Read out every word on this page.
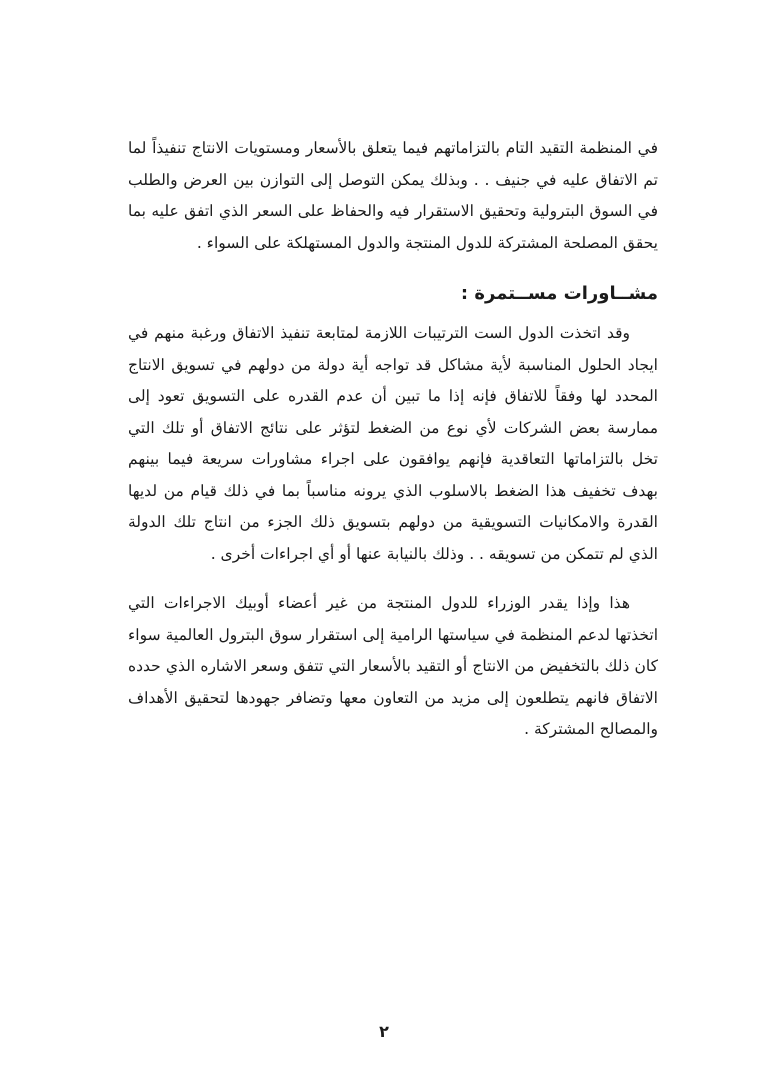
في المنظمة التقيد التام بالتزاماتهم فيما يتعلق بالأسعار ومستويات الانتاج تنفيذاً لما تم الاتفاق عليه في جنيف . . وبذلك يمكن التوصل إلى التوازن بين العرض والطلب في السوق البترولية وتحقيق الاستقرار فيه والحفاظ على السعر الذي اتفق عليه بما يحقق المصلحة المشتركة للدول المنتجة والدول المستهلكة على السواء .

مشــاورات مســتمرة :

وقد اتخذت الدول الست الترتيبات اللازمة لمتابعة تنفيذ الاتفاق ورغبة منهم في ايجاد الحلول المناسبة لأية مشاكل قد تواجه أية دولة من دولهم في تسويق الانتاج المحدد لها وفقاً للاتفاق فإنه إذا ما تبين أن عدم القدره على التسويق تعود إلى ممارسة بعض الشركات لأي نوع من الضغط لتؤثر على نتائج الاتفاق أو تلك التي تخل بالتزاماتها التعاقدية فإنهم يوافقون على اجراء مشاورات سريعة فيما بينهم بهدف تخفيف هذا الضغط بالاسلوب الذي يرونه مناسباً بما في ذلك قيام من لديها القدرة والامكانيات التسويقية من دولهم بتسويق ذلك الجزء من انتاج تلك الدولة الذي لم تتمكن من تسويقه . . وذلك بالنيابة عنها أو أي اجراءات أخرى .

هذا وإذا يقدر الوزراء للدول المنتجة من غير أعضاء أوبيك الاجراءات التي اتخذتها لدعم المنظمة في سياستها الرامية إلى استقرار سوق البترول العالمية سواء كان ذلك بالتخفيض من الانتاج أو التقيد بالأسعار التي تتفق وسعر الاشاره الذي حدده الاتفاق فانهم يتطلعون إلى مزيد من التعاون معها وتضافر جهودها لتحقيق الأهداف والمصالح المشتركة .

٢
